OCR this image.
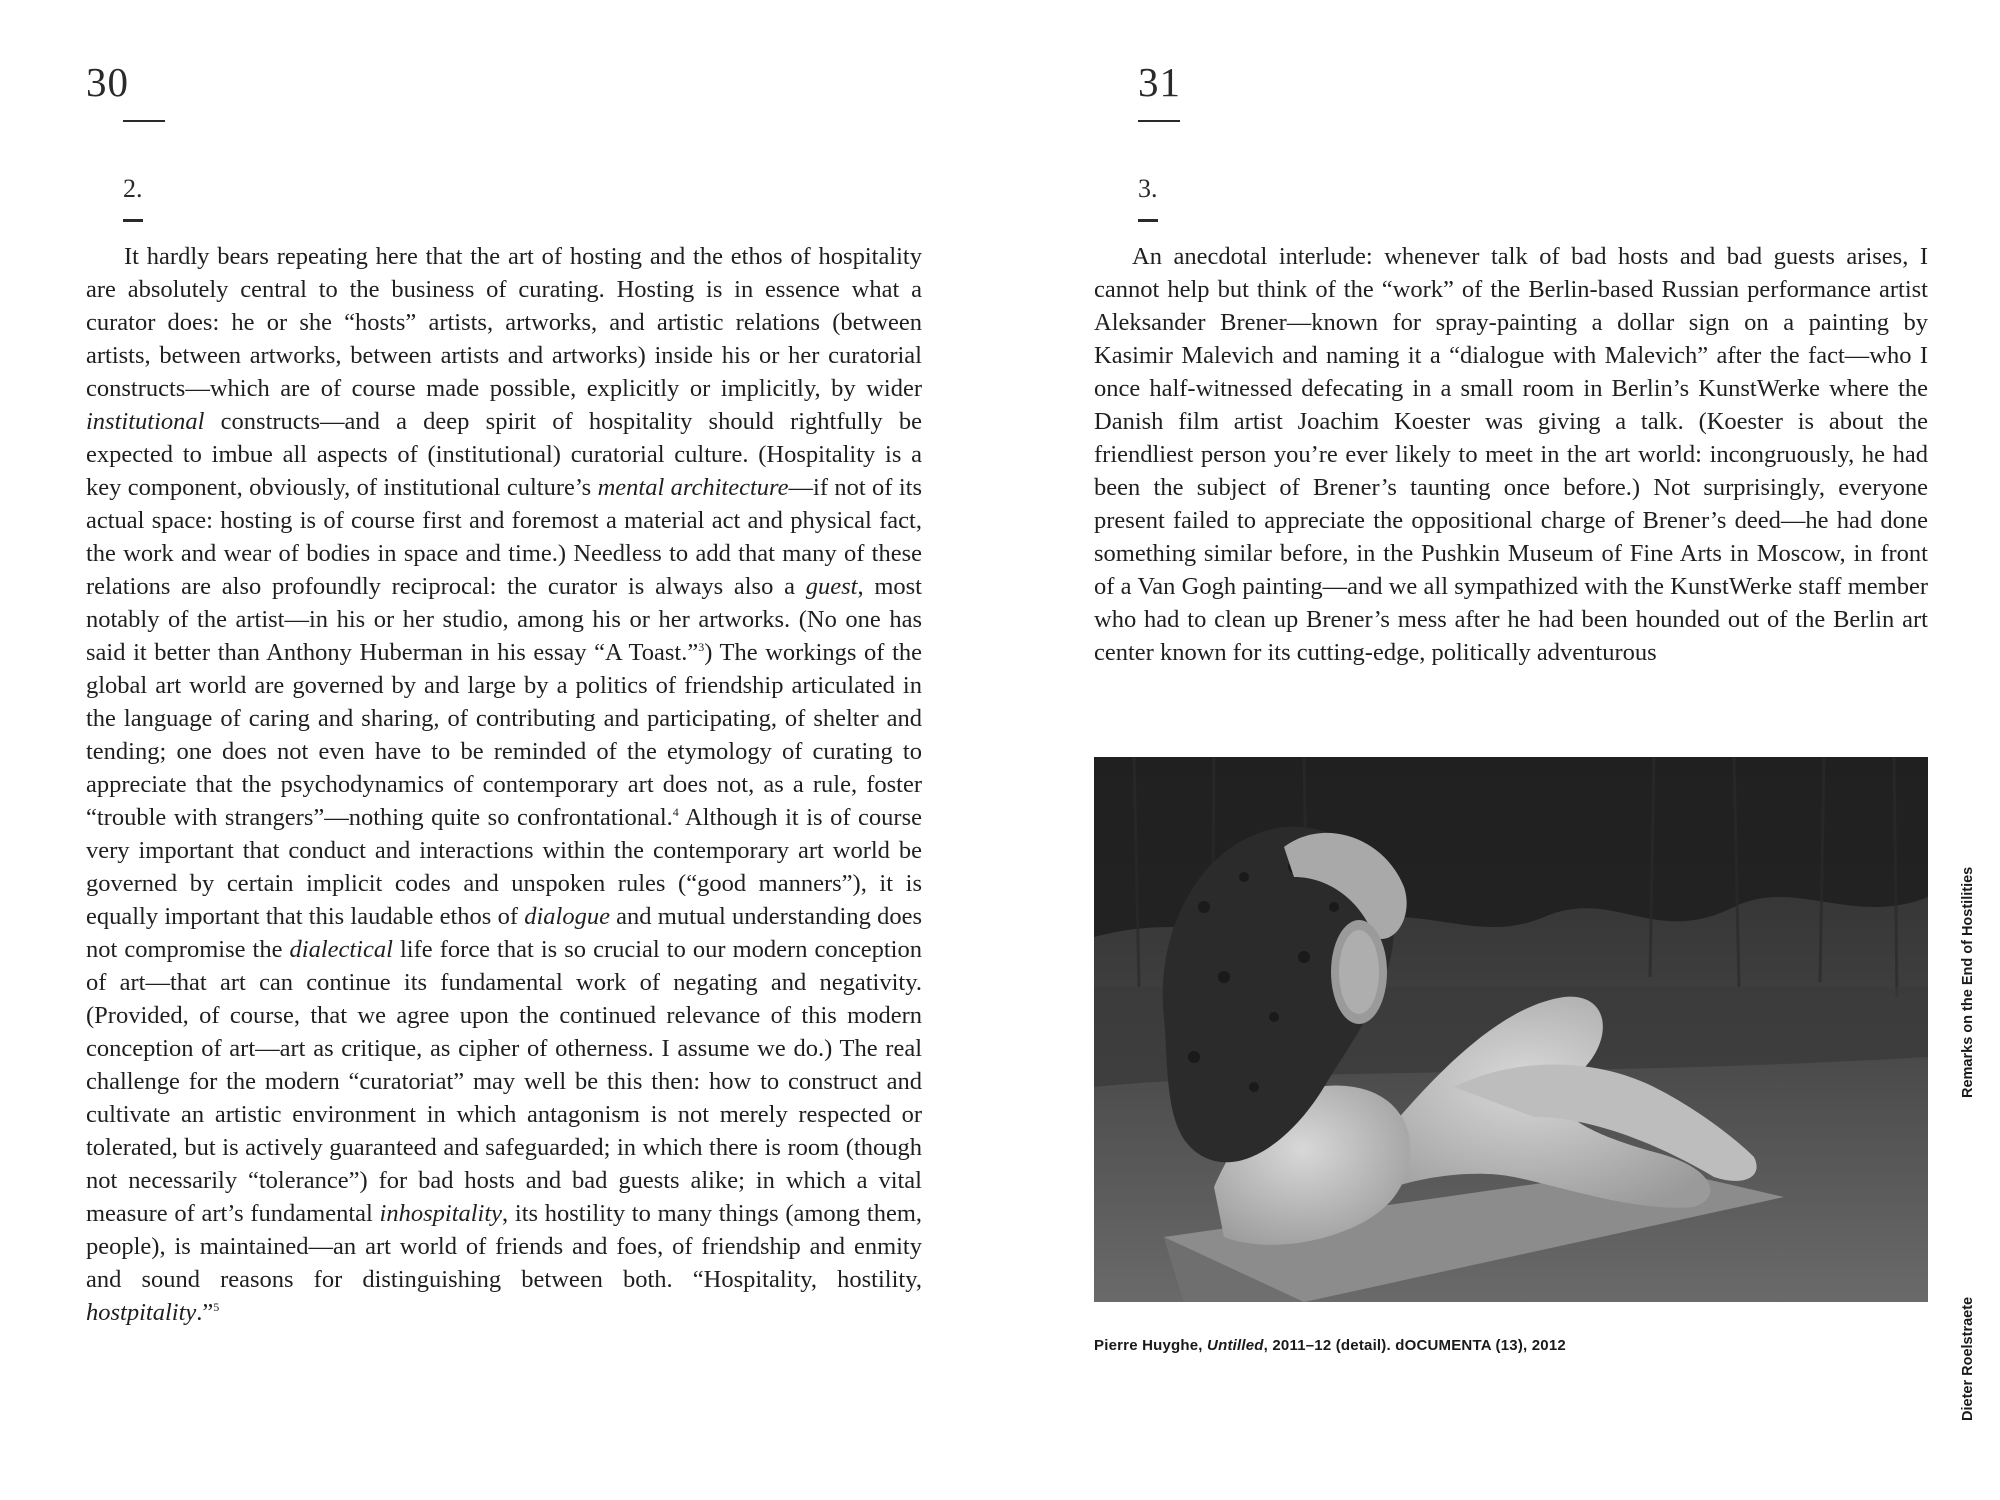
30
2.

It hardly bears repeating here that the art of hosting and the ethos of hospitality are absolutely central to the business of curating. Hosting is in essence what a curator does: he or she “hosts” artists, artworks, and artistic relations (between artists, between artworks, between artists and artworks) inside his or her curatorial constructs—which are of course made possible, explicitly or implicitly, by wider institutional constructs—and a deep spirit of hospitality should rightfully be expected to imbue all aspects of (institutional) curatorial culture. (Hospitality is a key component, obviously, of institutional culture’s mental architecture—if not of its actual space: hosting is of course first and foremost a material act and physical fact, the work and wear of bodies in space and time.) Needless to add that many of these relations are also profoundly reciprocal: the curator is always also a guest, most notably of the artist—in his or her studio, among his or her artworks. (No one has said it better than Anthony Huberman in his essay “A Toast.”$^3$) The workings of the global art world are governed by and large by a politics of friendship articulated in the language of caring and sharing, of contributing and participating, of shelter and tending; one does not even have to be reminded of the etymology of curating to appreciate that the psychodynamics of contemporary art does not, as a rule, foster “trouble with strangers”—nothing quite so confrontational.$^4$ Although it is of course very important that conduct and interactions within the contemporary art world be governed by certain implicit codes and unspoken rules (“good manners”), it is equally important that this laudable ethos of dialogue and mutual understanding does not compromise the dialectical life force that is so crucial to our modern conception of art—that art can continue its fundamental work of negating and negativity. (Provided, of course, that we agree upon the continued relevance of this modern conception of art—art as critique, as cipher of otherness. I assume we do.) The real challenge for the modern “curatoriat” may well be this then: how to construct and cultivate an artistic environment in which antagonism is not merely respected or tolerated, but is actively guaranteed and safeguarded; in which there is room (though not necessarily “tolerance”) for bad hosts and bad guests alike; in which a vital measure of art’s fundamental inhospitality, its hostility to many things (among them, people), is maintained—an art world of friends and foes, of friendship and enmity and sound reasons for distinguishing between both. “Hospitality, hostility, hostpitality.”$^5$

31
3.

An anecdotal interlude: whenever talk of bad hosts and bad guests arises, I cannot help but think of the “work” of the Berlin-based Russian performance artist Aleksander Brener—known for spray-painting a dollar sign on a painting by Kasimir Malevich and naming it a “dialogue with Malevich” after the fact—who I once half-witnessed defecating in a small room in Berlin’s KunstWerke where the Danish film artist Joachim Koester was giving a talk. (Koester is about the friendliest person you’re ever likely to meet in the art world: incongruously, he had been the subject of Brener’s taunting once before.) Not surprisingly, everyone present failed to appreciate the oppositional charge of Brener’s deed—he had done something similar before, in the Pushkin Museum of Fine Arts in Moscow, in front of a Van Gogh painting—and we all sympathized with the KunstWerke staff member who had to clean up Brener’s mess after he had been hounded out of the Berlin art center known for its cutting-edge, politically adventurous

Pierre Huyghe, Untilled, 2011–12 (detail). dOCUMENTA (13), 2012
Remarks on the End of Hostilities
Dieter Roelstraete
